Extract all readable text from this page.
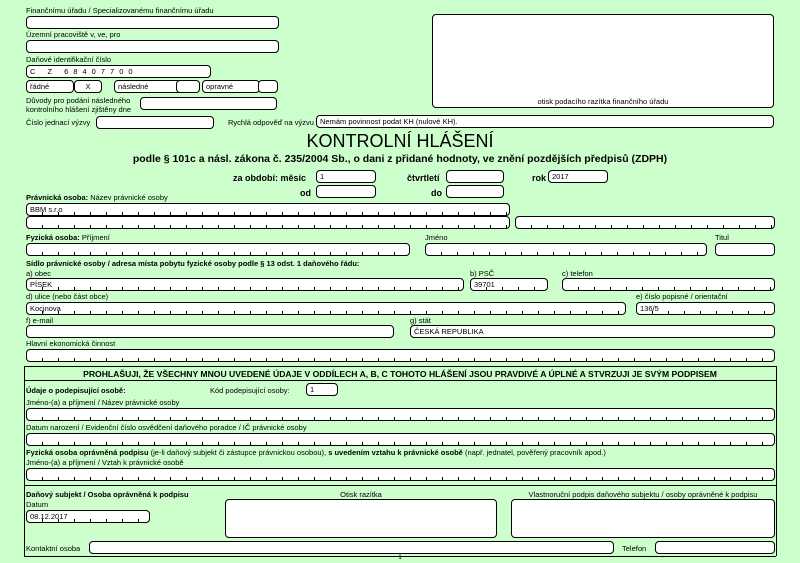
Finančnímu úřadu / Specializovanému finančnímu úřadu
Územní pracoviště v, ve, pro
Daňové identifikační číslo
C Z 68407700
řádné	X	následné	opravné
Důvody pro podání následného
kontrolního hlášení zjištěny dne
Číslo jednací výzvy	Rychlá odpověď na výzvu Nemám povinnost podat KH (nulové KH).
otisk podacího razítka finančního úřadu
KONTROLNÍ HLÁŠENÍ
podle § 101c a násl. zákona č. 235/2004 Sb., o dani z přidané hodnoty, ve znění pozdějších předpisů (ZDPH)
za období: měsíc	1	čtvrtletí	rok 2017
od	do
Právnická osoba: Název právnické osoby
BBM s.r.o
Fyzická osoba: Příjmení	Jméno	Titul
Sídlo právnické osoby / adresa místa pobytu fyzické osoby podle § 13 odst. 1 daňového řádu:
a) obec
PÍSEK
b) PSČ
39701
c) telefon
d) ulice (nebo část obce)
Kocjnova
e) číslo popisné / orientační
136/5
f) e-mail	g) stát
ČESKÁ REPUBLIKA
Hlavní ekonomická činnost
PROHLAŠUJI, ŽE VŠECHNY MNOU UVEDENÉ ÚDAJE V ODDÍLECH A, B, C TOHOTO HLÁŠENÍ JSOU PRAVDIVÉ A ÚPLNÉ A STVRZUJI JE SVÝM PODPISEM
Údaje o podepisující osobě:	Kód podepisující osoby:	1
Jméno-(a) a příjmení / Název právnické osoby
Datum narození / Evidenční číslo osvědčení daňového poradce / IČ právnické osoby
Fyzická osoba oprávněná podpisu (je-li daňový subjekt či zástupce právnickou osobou), s uvedením vztahu k právnické osobě (např. jednatel, pověřený pracovník apod.)
Jméno-(a) a příjmení / Vztah k právnické osobě
Daňový subjekt / Osoba oprávněná k podpisu
Datum
08.12.2017
Otisk razítka	Vlastnoruční podpis daňového subjektu / osoby oprávněné k podpisu
Kontaktní osoba	Telefon
1
